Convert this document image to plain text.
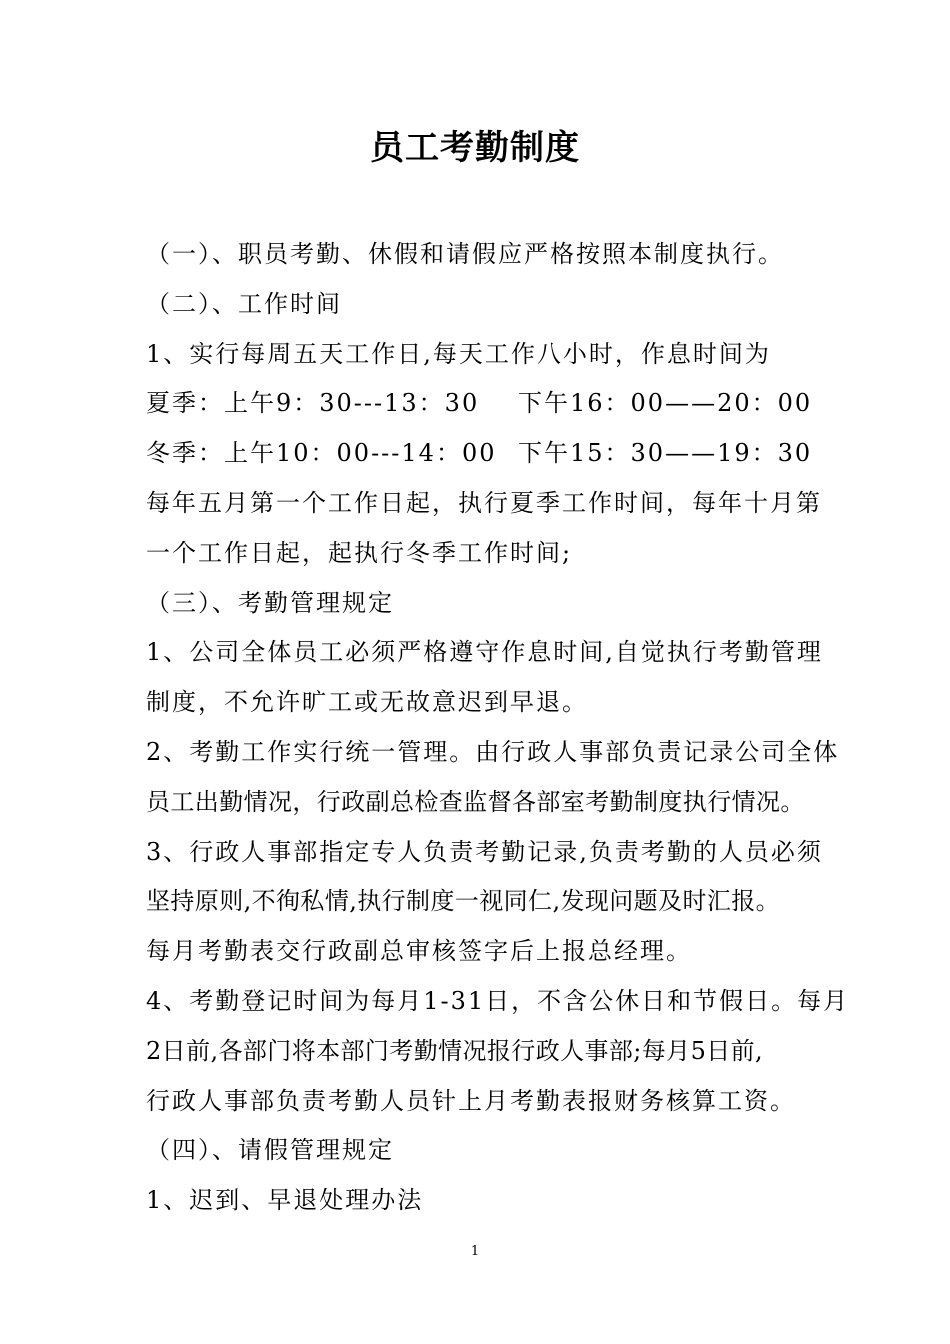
员工考勤制度
（一）、职员考勤、休假和请假应严格按照本制度执行。
（二）、工作时间
1、实行每周五天工作日,每天工作八小时，作息时间为
夏季：上午9：30---13：30	下午16：00——20：00
冬季：上午10：00---14：00 下午15：30——19：30
每年五月第一个工作日起，执行夏季工作时间，每年十月第
一个工作日起，起执行冬季工作时间;
（三）、考勤管理规定
1、公司全体员工必须严格遵守作息时间,自觉执行考勤管理
制度，不允许旷工或无故意迟到早退。
2、考勤工作实行统一管理。由行政人事部负责记录公司全体
员工出勤情况，行政副总检查监督各部室考勤制度执行情况。
3、行政人事部指定专人负责考勤记录,负责考勤的人员必须
坚持原则,不徇私情,执行制度一视同仁,发现问题及时汇报。
每月考勤表交行政副总审核签字后上报总经理。
4、考勤登记时间为每月1-31日，不含公休日和节假日。每月
2日前,各部门将本部门考勤情况报行政人事部;每月5日前,
行政人事部负责考勤人员针上月考勤表报财务核算工资。
（四）、请假管理规定
1、迟到、早退处理办法
1
